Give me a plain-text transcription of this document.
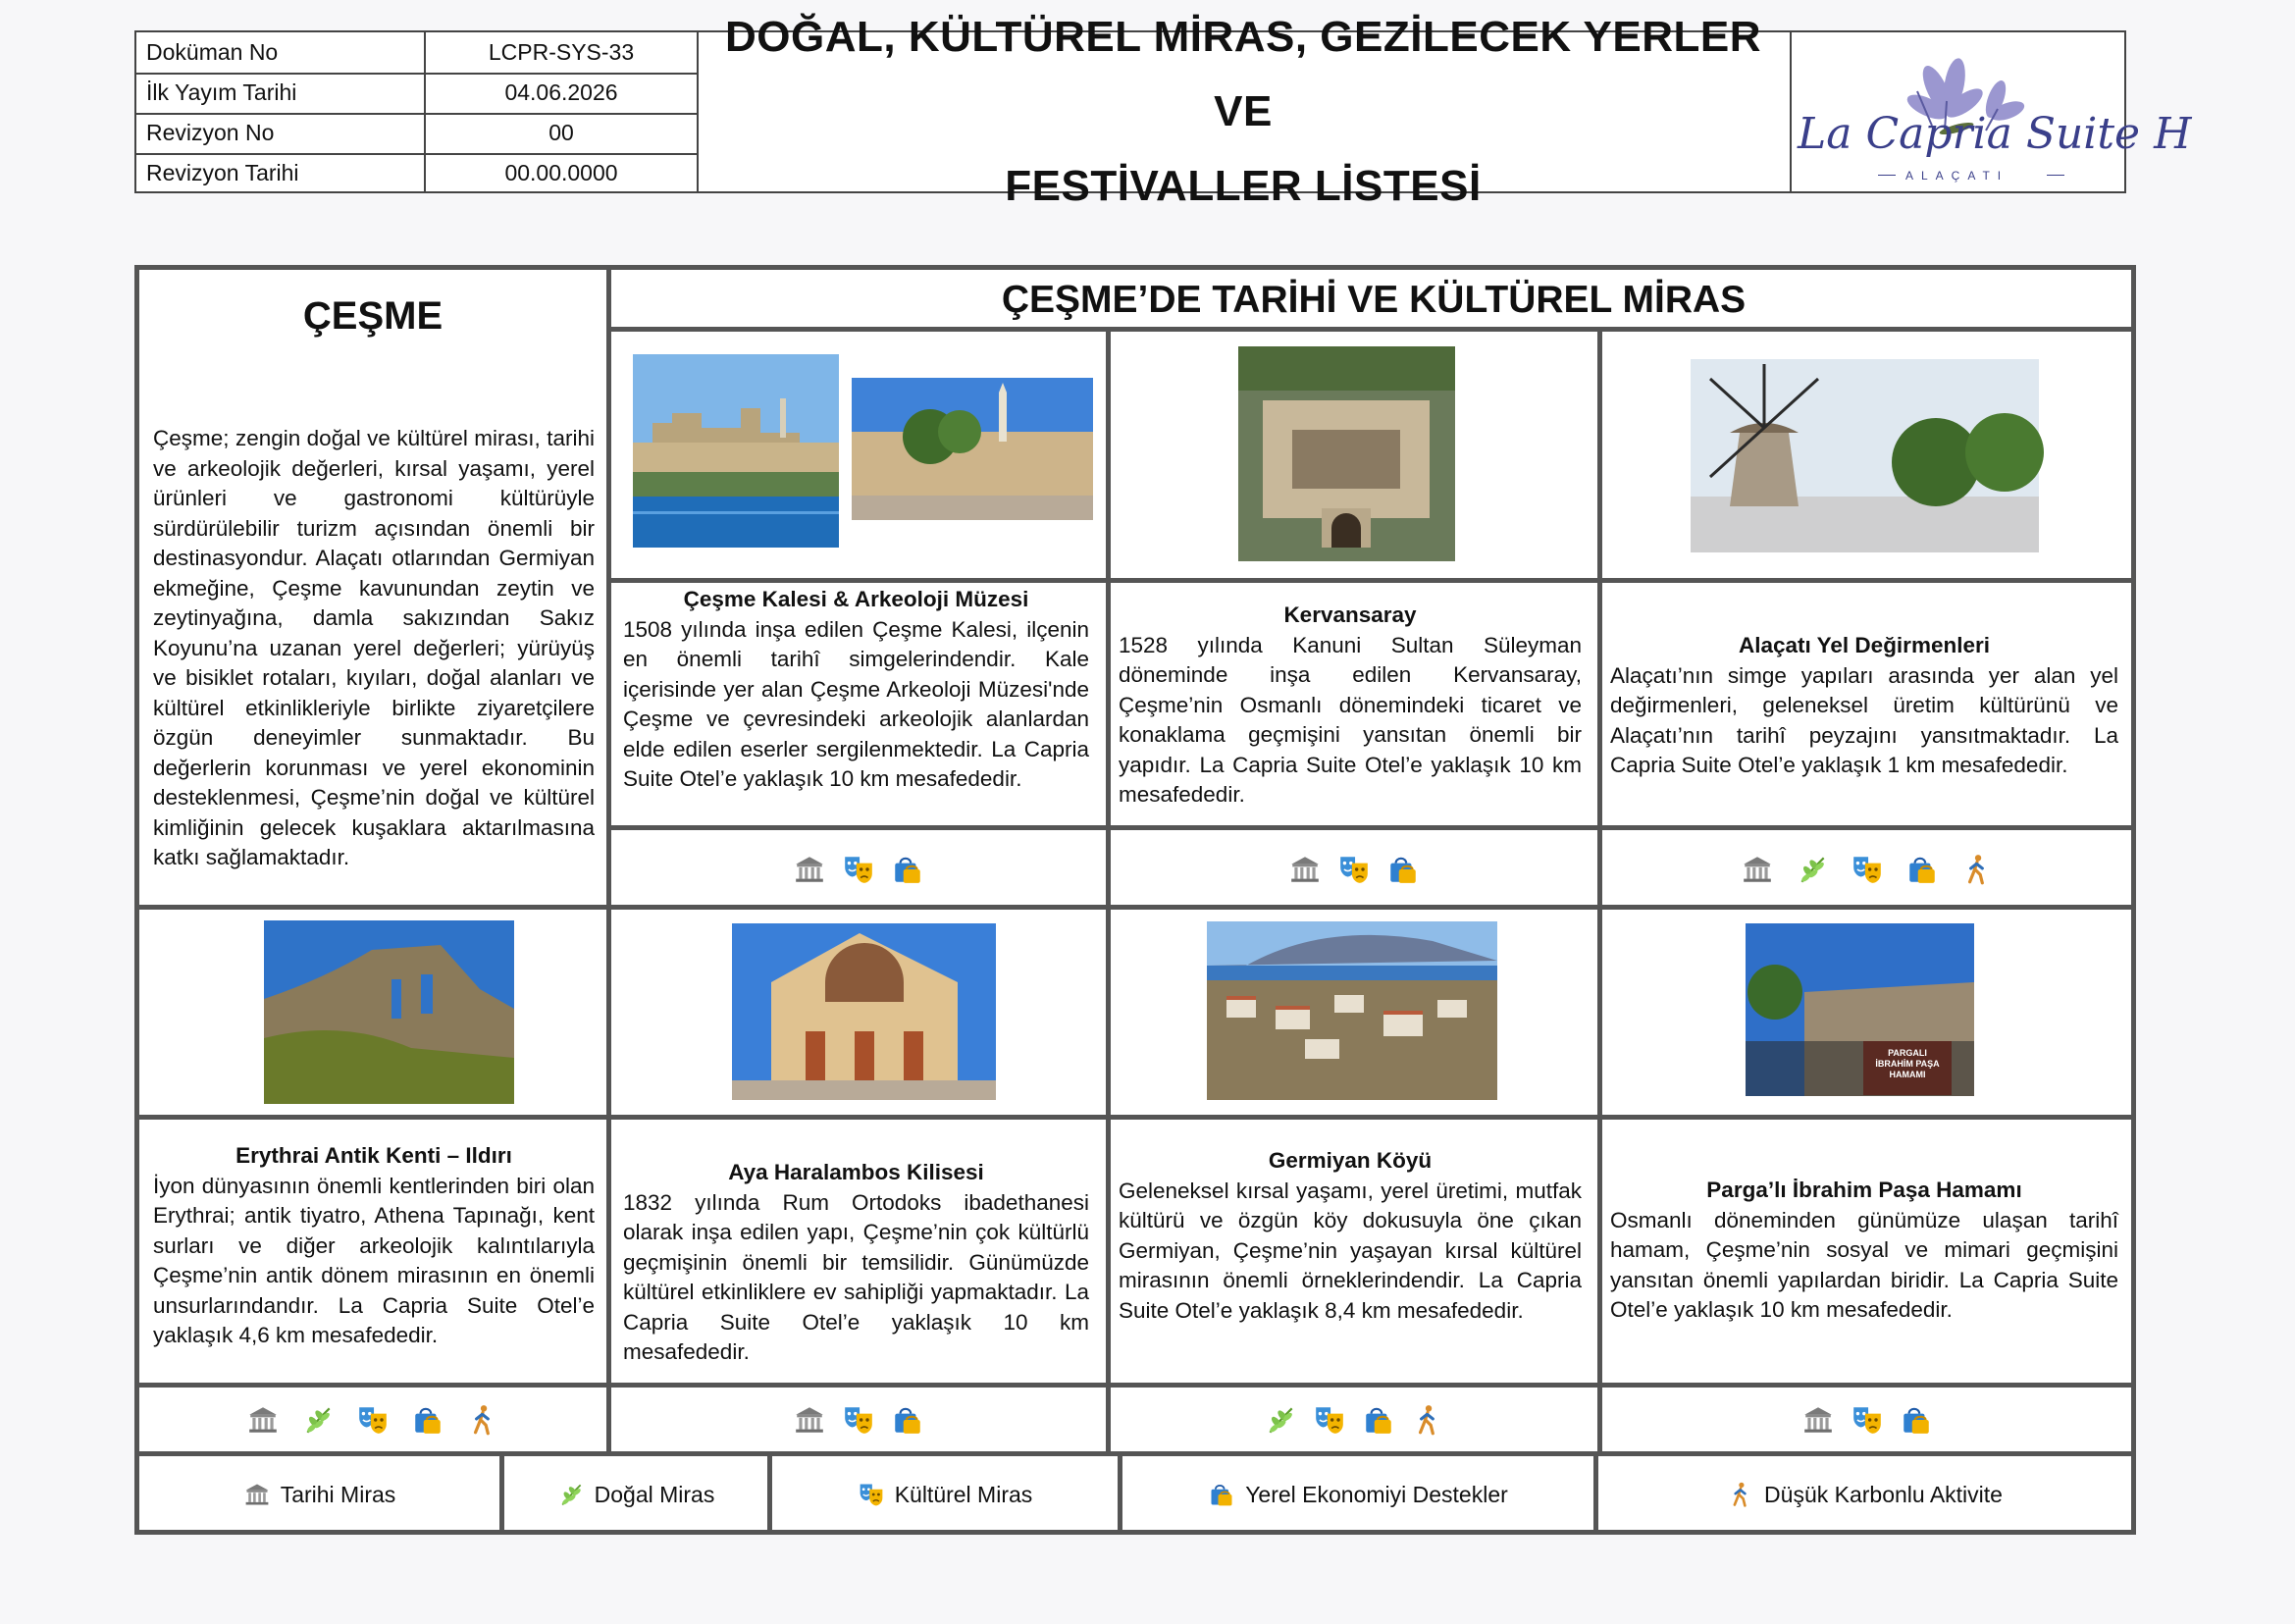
Doküman No	LCPR-SYS-33
İlk Yayım Tarihi	04.06.2026
Revizyon No	00
Revizyon Tarihi	00.00.0000
DOĞAL, KÜLTÜREL MİRAS, GEZİLECEK YERLER VE
FESTİVALLER LİSTESİ
La Capria Suite H
ALAÇATI
ÇEŞME
Çeşme; zengin doğal ve kültürel mirası, tarihi ve arkeolojik değerleri, kırsal yaşamı, yerel ürünleri ve gastronomi kültürüyle sürdürülebilir turizm açısından önemli bir destinasyondur. Alaçatı otlarından Germiyan ekmeğine, Çeşme kavunundan zeytin ve zeytinyağına, damla sakızından Sakız Koyunu’na uzanan yerel değerleri; yürüyüş ve bisiklet rotaları, kıyıları, doğal alanları ve kültürel etkinlikleriyle birlikte ziyaretçilere özgün deneyimler sunmaktadır. Bu değerlerin korunması ve yerel ekonominin desteklenmesi, Çeşme’nin doğal ve kültürel kimliğinin gelecek kuşaklara aktarılmasına katkı sağlamaktadır.
ÇEŞME’DE TARİHİ VE KÜLTÜREL MİRAS
Çeşme Kalesi & Arkeoloji Müzesi
1508 yılında inşa edilen Çeşme Kalesi, ilçenin en önemli tarihî simgelerindendir. Kale içerisinde yer alan Çeşme Arkeoloji Müzesi'nde Çeşme ve çevresindeki arkeolojik alanlardan elde edilen eserler sergilenmektedir. La Capria Suite Otel’e yaklaşık 10 km mesafededir.
Kervansaray
1528 yılında Kanuni Sultan Süleyman döneminde inşa edilen Kervansaray, Çeşme’nin Osmanlı dönemindeki ticaret ve konaklama geçmişini yansıtan önemli bir yapıdır. La Capria Suite Otel’e yaklaşık 10 km mesafededir.
Alaçatı Yel Değirmenleri
Alaçatı’nın simge yapıları arasında yer alan yel değirmenleri, geleneksel üretim kültürünü ve Alaçatı’nın tarihî peyzajını yansıtmaktadır. La Capria Suite Otel’e yaklaşık 1 km mesafededir.
PARGALI İBRAHİM PAŞA HAMAMI
Erythrai Antik Kenti – Ildırı
İyon dünyasının önemli kentlerinden biri olan Erythrai; antik tiyatro, Athena Tapınağı, kent surları ve diğer arkeolojik kalıntılarıyla Çeşme’nin antik dönem mirasının en önemli unsurlarındandır. La Capria Suite Otel’e yaklaşık 4,6 km mesafededir.
Aya Haralambos Kilisesi
1832 yılında Rum Ortodoks ibadethanesi olarak inşa edilen yapı, Çeşme’nin çok kültürlü geçmişinin önemli bir temsilidir. Günümüzde kültürel etkinliklere ev sahipliği yapmaktadır. La Capria Suite Otel’e yaklaşık 10 km mesafededir.
Germiyan Köyü
Geleneksel kırsal yaşamı, yerel üretimi, mutfak kültürü ve özgün köy dokusuyla öne çıkan Germiyan, Çeşme’nin yaşayan kırsal kültürel mirasının önemli örneklerindendir. La Capria Suite Otel’e yaklaşık 8,4 km mesafededir.
Parga’lı İbrahim Paşa Hamamı
Osmanlı döneminden günümüze ulaşan tarihî hamam, Çeşme’nin sosyal ve mimari geçmişini yansıtan önemli yapılardan biridir. La Capria Suite Otel’e yaklaşık 10 km mesafededir.
Tarihi Miras	Doğal Miras	Kültürel Miras	Yerel Ekonomiyi Destekler	Düşük Karbonlu Aktivite
